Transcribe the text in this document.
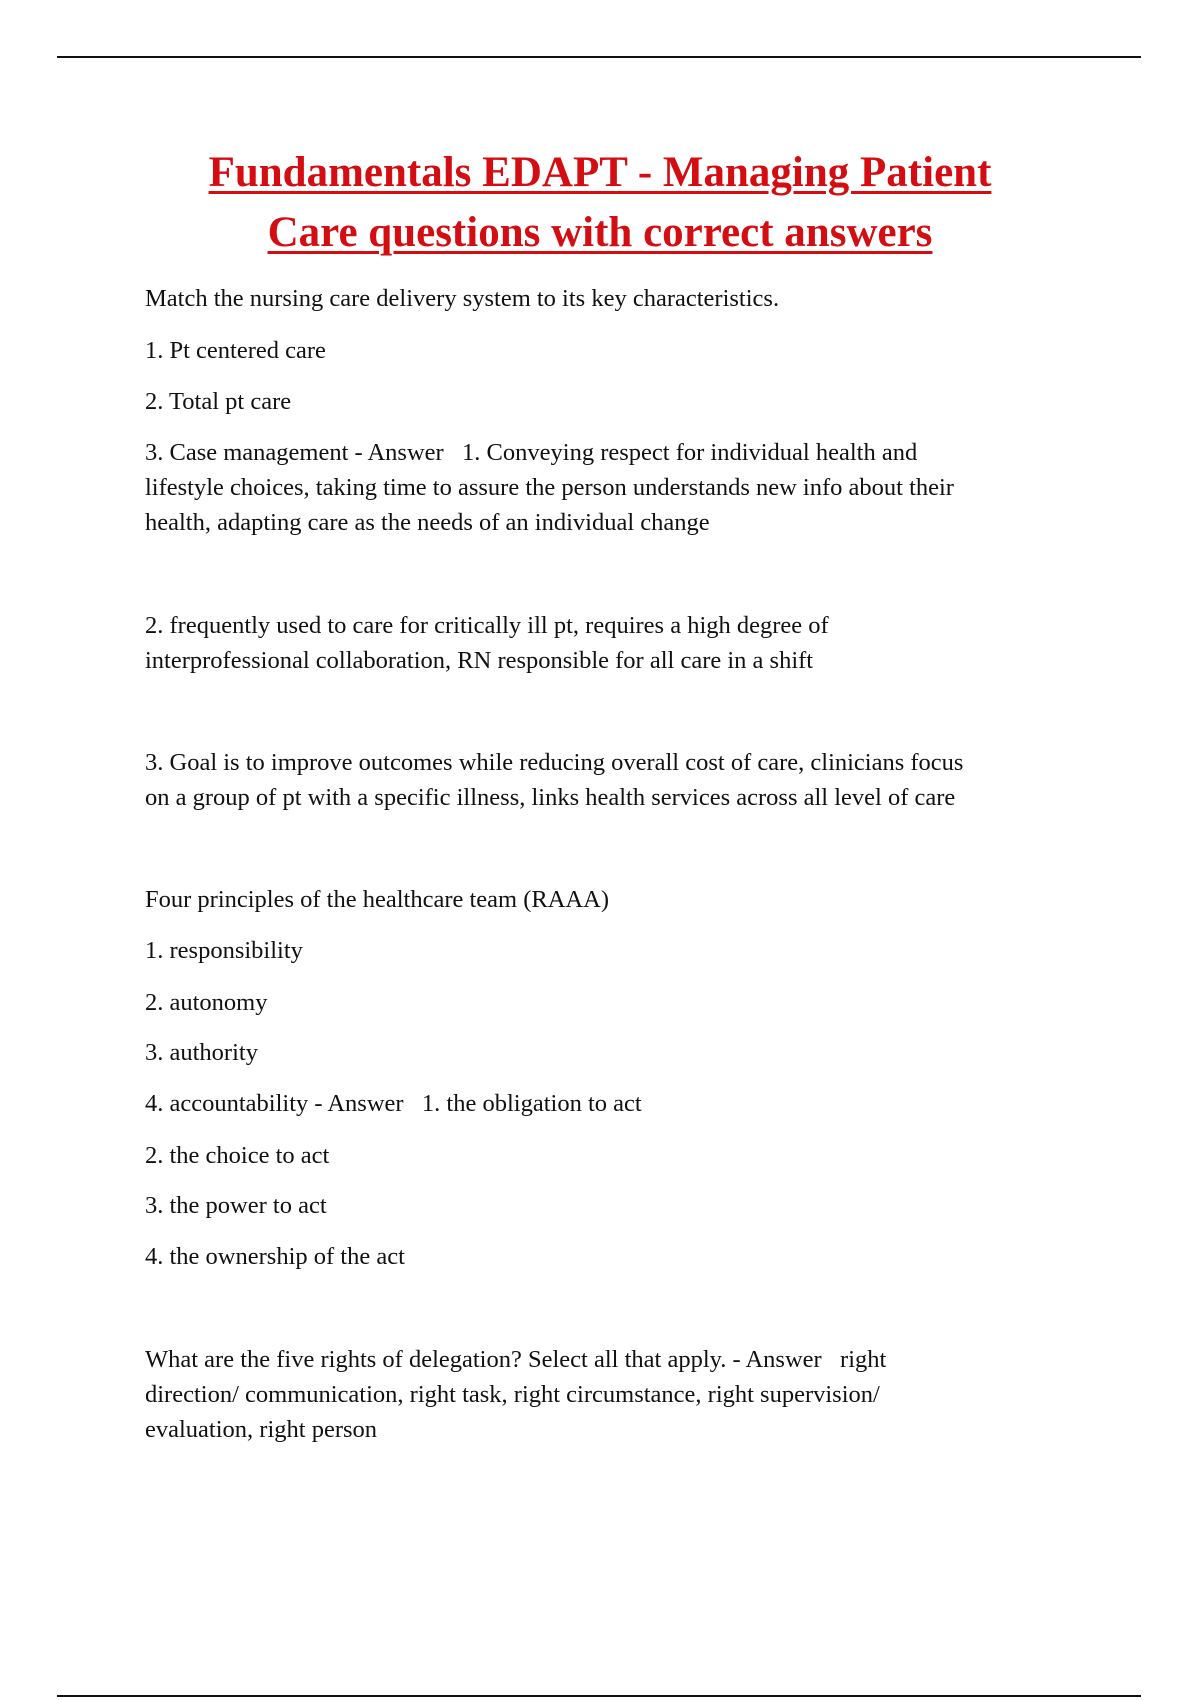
Fundamentals EDAPT - Managing Patient
Care questions with correct answers
Match the nursing care delivery system to its key characteristics.
1. Pt centered care
2. Total pt care
3. Case management - Answer   1. Conveying respect for individual health and
lifestyle choices, taking time to assure the person understands new info about their
health, adapting care as the needs of an individual change
2. frequently used to care for critically ill pt, requires a high degree of
interprofessional collaboration, RN responsible for all care in a shift
3. Goal is to improve outcomes while reducing overall cost of care, clinicians focus
on a group of pt with a specific illness, links health services across all level of care
Four principles of the healthcare team (RAAA)
1. responsibility
2. autonomy
3. authority
4. accountability - Answer   1. the obligation to act
2. the choice to act
3. the power to act
4. the ownership of the act
What are the five rights of delegation? Select all that apply. - Answer   right
direction/ communication, right task, right circumstance, right supervision/
evaluation, right person
